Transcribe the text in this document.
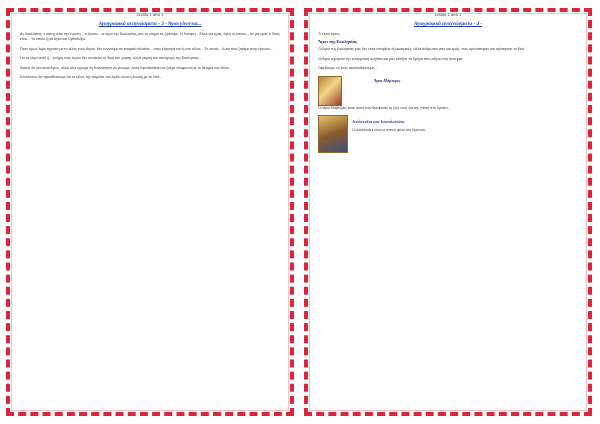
Σελίδα 1 από 1
Αγιογραφικά αναγνώσματα - 3 - Άγιοι γίνονται...

Αν διασώσεις, ν κατηγ από την ένωση... τι έγιναν... οι άγιοι της Εκκλησίας μας το νόημα ας ζήσουμε. Η δύναμη... Είναι για εμάς, άγιοι οι οποίοι... Αν για εμάς ο Θεός είναι... Το οποίο ζητά Αγίοι και Ορθόδοξοι.

Όταν όμως λέμε σχετικά με το τέλος ενός Αγίου, δεν εννοούμε σε κοσμικό πλαίσιο... στην εξαγορά του ή στο τέλος... Το οποίο... Αυτό που ζητάμε στην έρευνα...

Για το λόγο αυτό ή... μνήμη ενός Αγίου δεν αποτελεί τη δική του γιορτή, αλλά γιορτή και πανήγυρη της Εκκλησίας...

Κανείς δε γεννιέται Άγιος, αλλά όλοι έχουμε τη δυνατότητα να γίνουμε. Αυτό προϋποθέτει να ζούμε σύμφωνα με το θέλημα του Θεού...

Κλείνοντας θα προσθέσουμε ότι το τέλος της πορείας του Αγίου είναι η ένωση με το Θεό...

Σελίδα 1 από 1
Αγιογραφικά αναγνώσματα - 4 -
Τι είναι άγιος;
Άγιοι της Εκκλησίας

Οι Άγιοι της Εκκλησίας μας δεν είναι υπάρξεις εξωκοσμικές, αλλά άνθρωποι σαν και εμάς, που αγωνίστηκαν και αγάπησαν το Θεό.

Οι Άγιοι τήρησαν την ευαγγελική αλήθεια και μας έδειξαν το δρόμο που οδηγεί στη σωτηρία.

Οφείλουμε να τους ακολουθήσουμε...

Άγιοι Μάρτυρες

Οι άγιοι Μάρτυρες είναι αυτοί που θυσίασαν τη ζωή τους για την πίστη στο Χριστό...

Απόστολοι και Ισαπόστολοι

Οι Απόστολοι είναι οι στενοί φίλοι του Χριστού...
